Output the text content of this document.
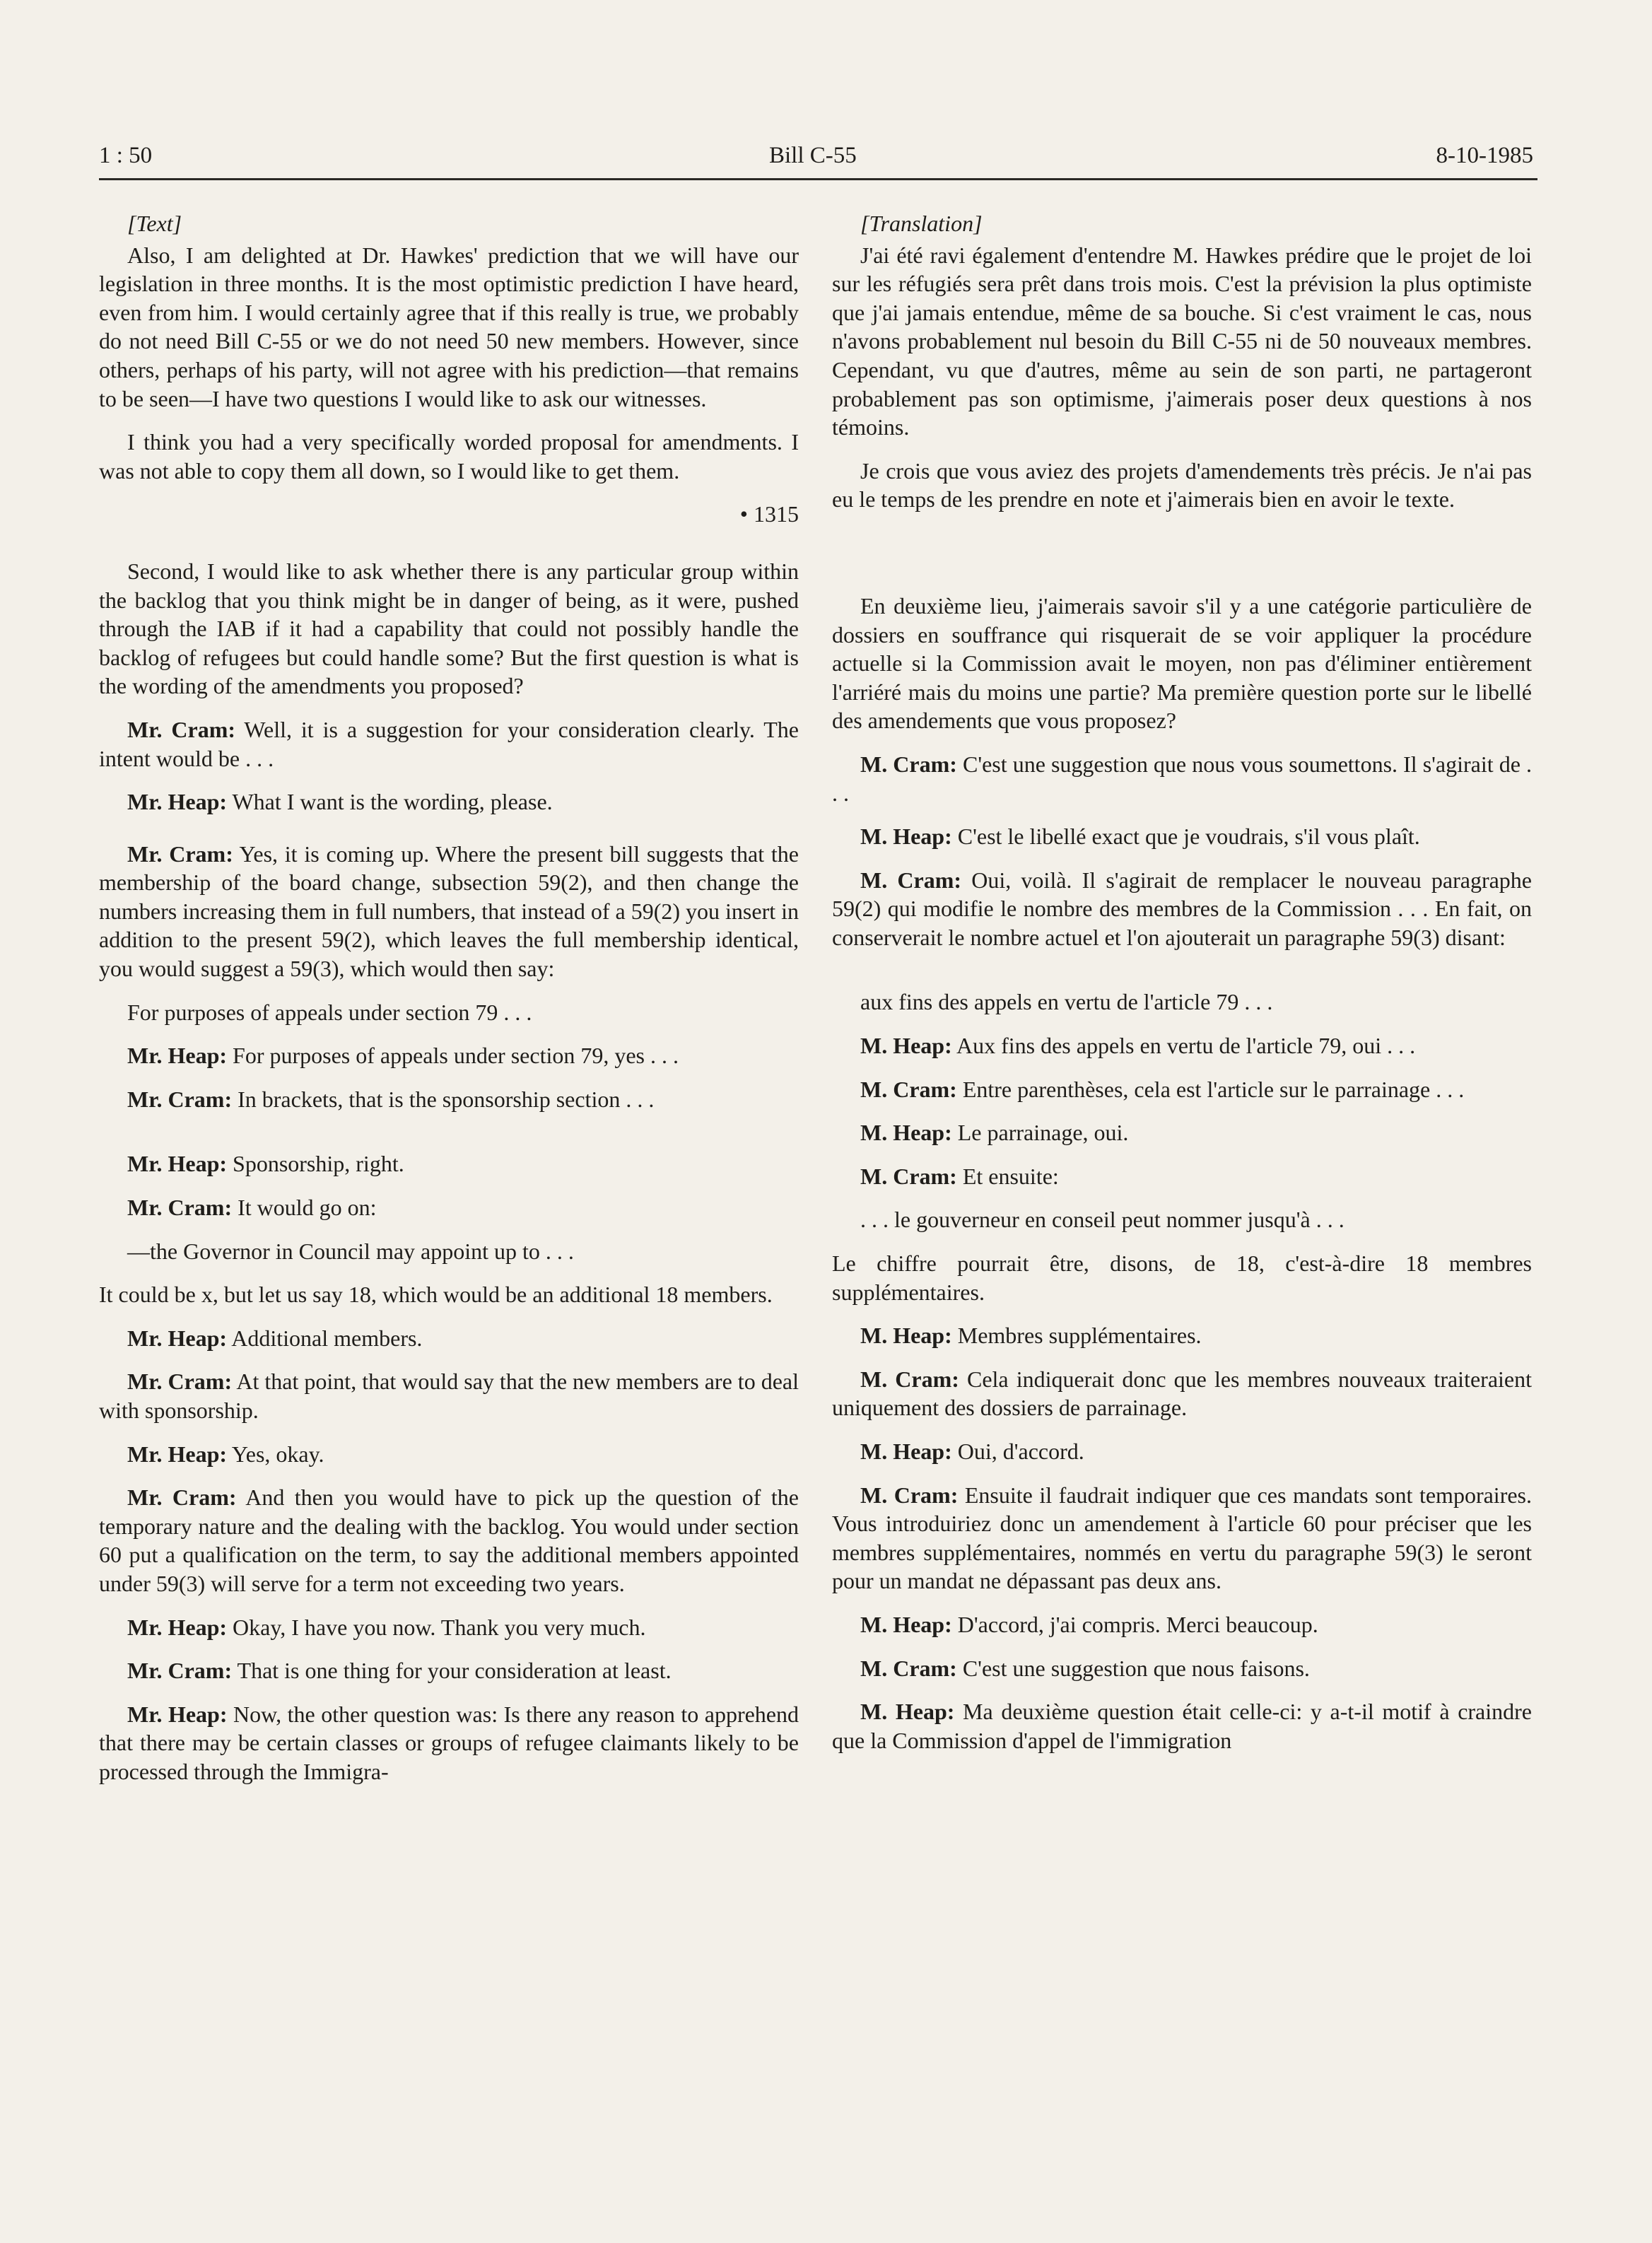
1 : 50	Bill C-55	8-10-1985

[Text]

Also, I am delighted at Dr. Hawkes' prediction that we will have our legislation in three months. It is the most optimistic prediction I have heard, even from him. I would certainly agree that if this really is true, we probably do not need Bill C-55 or we do not need 50 new members. However, since others, perhaps of his party, will not agree with his prediction—that remains to be seen—I have two questions I would like to ask our witnesses.

I think you had a very specifically worded proposal for amendments. I was not able to copy them all down, so I would like to get them.

• 1315

Second, I would like to ask whether there is any particular group within the backlog that you think might be in danger of being, as it were, pushed through the IAB if it had a capability that could not possibly handle the backlog of refugees but could handle some? But the first question is what is the wording of the amendments you proposed?

Mr. Cram: Well, it is a suggestion for your consideration clearly. The intent would be . . .

Mr. Heap: What I want is the wording, please.

Mr. Cram: Yes, it is coming up. Where the present bill suggests that the membership of the board change, subsection 59(2), and then change the numbers increasing them in full numbers, that instead of a 59(2) you insert in addition to the present 59(2), which leaves the full membership identical, you would suggest a 59(3), which would then say:

For purposes of appeals under section 79 . . .

Mr. Heap: For purposes of appeals under section 79, yes . . .

Mr. Cram: In brackets, that is the sponsorship section . . .

Mr. Heap: Sponsorship, right.

Mr. Cram: It would go on:

—the Governor in Council may appoint up to . . .

It could be x, but let us say 18, which would be an additional 18 members.

Mr. Heap: Additional members.

Mr. Cram: At that point, that would say that the new members are to deal with sponsorship.

Mr. Heap: Yes, okay.

Mr. Cram: And then you would have to pick up the question of the temporary nature and the dealing with the backlog. You would under section 60 put a qualification on the term, to say the additional members appointed under 59(3) will serve for a term not exceeding two years.

Mr. Heap: Okay, I have you now. Thank you very much.

Mr. Cram: That is one thing for your consideration at least.

Mr. Heap: Now, the other question was: Is there any reason to apprehend that there may be certain classes or groups of refugee claimants likely to be processed through the Immigra-

[Translation]

J'ai été ravi également d'entendre M. Hawkes prédire que le projet de loi sur les réfugiés sera prêt dans trois mois. C'est la prévision la plus optimiste que j'ai jamais entendue, même de sa bouche. Si c'est vraiment le cas, nous n'avons probablement nul besoin du Bill C-55 ni de 50 nouveaux membres. Cependant, vu que d'autres, même au sein de son parti, ne partageront probablement pas son optimisme, j'aimerais poser deux questions à nos témoins.

Je crois que vous aviez des projets d'amendements très précis. Je n'ai pas eu le temps de les prendre en note et j'aimerais bien en avoir le texte.

En deuxième lieu, j'aimerais savoir s'il y a une catégorie particulière de dossiers en souffrance qui risquerait de se voir appliquer la procédure actuelle si la Commission avait le moyen, non pas d'éliminer entièrement l'arriéré mais du moins une partie? Ma première question porte sur le libellé des amendements que vous proposez?

M. Cram: C'est une suggestion que nous vous soumettons. Il s'agirait de . . .

M. Heap: C'est le libellé exact que je voudrais, s'il vous plaît.

M. Cram: Oui, voilà. Il s'agirait de remplacer le nouveau paragraphe 59(2) qui modifie le nombre des membres de la Commission . . . En fait, on conserverait le nombre actuel et l'on ajouterait un paragraphe 59(3) disant:

aux fins des appels en vertu de l'article 79 . . .

M. Heap: Aux fins des appels en vertu de l'article 79, oui . . .

M. Cram: Entre parenthèses, cela est l'article sur le parrainage . . .

M. Heap: Le parrainage, oui.

M. Cram: Et ensuite:

. . . le gouverneur en conseil peut nommer jusqu'à . . .

Le chiffre pourrait être, disons, de 18, c'est-à-dire 18 membres supplémentaires.

M. Heap: Membres supplémentaires.

M. Cram: Cela indiquerait donc que les membres nouveaux traiteraient uniquement des dossiers de parrainage.

M. Heap: Oui, d'accord.

M. Cram: Ensuite il faudrait indiquer que ces mandats sont temporaires. Vous introduiriez donc un amendement à l'article 60 pour préciser que les membres supplémentaires, nommés en vertu du paragraphe 59(3) le seront pour un mandat ne dépassant pas deux ans.

M. Heap: D'accord, j'ai compris. Merci beaucoup.

M. Cram: C'est une suggestion que nous faisons.

M. Heap: Ma deuxième question était celle-ci: y a-t-il motif à craindre que la Commission d'appel de l'immigration
